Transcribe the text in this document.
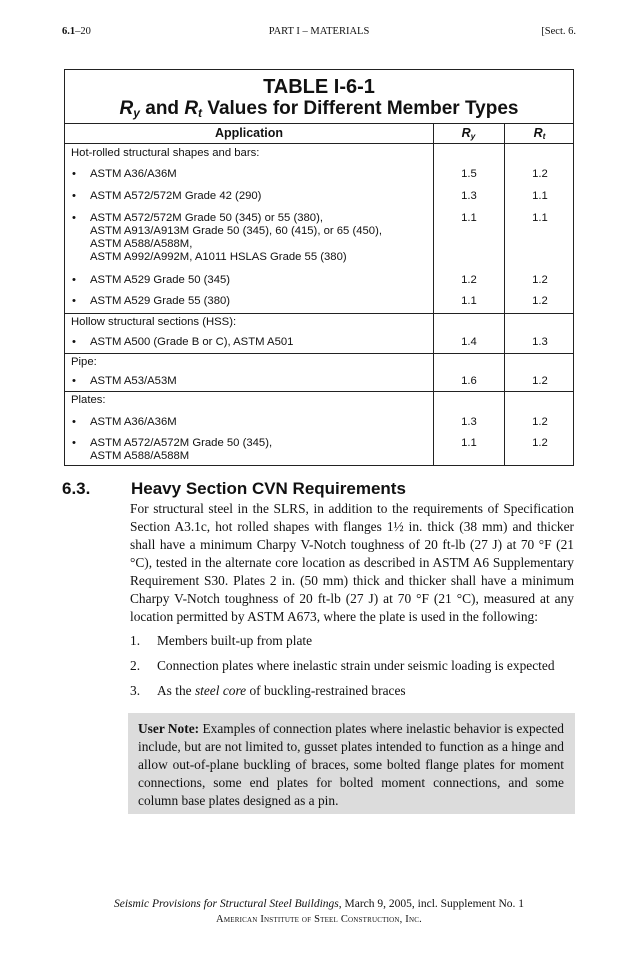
6.1–20	PART I – MATERIALS	[Sect. 6.
TABLE I-6-1
$R_y$ and $R_t$ Values for Different Member Types
Application	$R_y$	$R_t$
Hot-rolled structural shapes and bars:
• ASTM A36/A36M	1.5	1.2
• ASTM A572/572M Grade 42 (290)	1.3	1.1
• ASTM A572/572M Grade 50 (345) or 55 (380),
ASTM A913/A913M Grade 50 (345), 60 (415), or 65 (450),
ASTM A588/A588M,
ASTM A992/A992M, A1011 HSLAS Grade 55 (380)
1.1	1.1
• ASTM A529 Grade 50 (345)	1.2	1.2
• ASTM A529 Grade 55 (380)	1.1	1.2
Hollow structural sections (HSS):
• ASTM A500 (Grade B or C), ASTM A501	1.4	1.3
Pipe:
• ASTM A53/A53M	1.6	1.2
Plates:
• ASTM A36/A36M	1.3	1.2
• ASTM A572/A572M Grade 50 (345),
ASTM A588/A588M
1.1	1.2
6.3. Heavy Section CVN Requirements
For structural steel in the SLRS, in addition to the requirements of Specification Section A3.1c, hot rolled shapes with flanges 1½ in. thick (38 mm) and thicker shall have a minimum Charpy V-Notch toughness of 20 ft-lb (27 J) at 70 °F (21 °C), tested in the alternate core location as described in ASTM A6 Supplementary Requirement S30. Plates 2 in. (50 mm) thick and thicker shall have a minimum Charpy V-Notch toughness of 20 ft-lb (27 J) at 70 °F (21 °C), measured at any location permitted by ASTM A673, where the plate is used in the following:
1. Members built-up from plate
2. Connection plates where inelastic strain under seismic loading is expected
3. As the steel core of buckling-restrained braces
User Note: Examples of connection plates where inelastic behavior is expected include, but are not limited to, gusset plates intended to function as a hinge and allow out-of-plane buckling of braces, some bolted flange plates for moment connections, some end plates for bolted moment connections, and some column base plates designed as a pin.
Seismic Provisions for Structural Steel Buildings, March 9, 2005, incl. Supplement No. 1
American Institute of Steel Construction, Inc.
